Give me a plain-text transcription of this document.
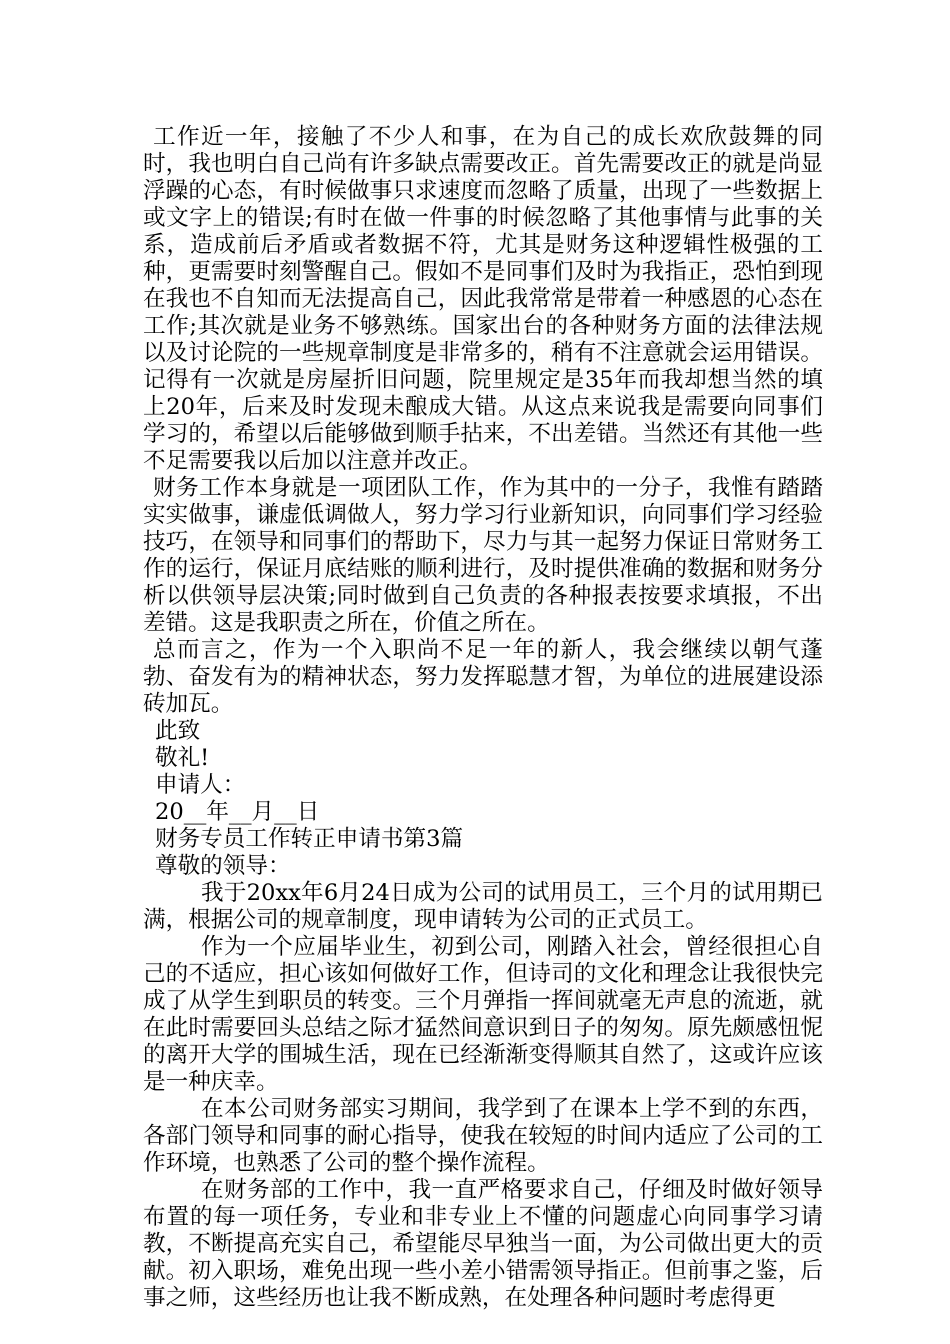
工作近一年，接触了不少人和事，在为自己的成长欢欣鼓舞的同时，我也明白自己尚有许多缺点需要改正。首先需要改正的就是尚显浮躁的心态，有时候做事只求速度而忽略了质量，出现了一些数据上或文字上的错误;有时在做一件事的时候忽略了其他事情与此事的关系，造成前后矛盾或者数据不符，尤其是财务这种逻辑性极强的工种，更需要时刻警醒自己。假如不是同事们及时为我指正，恐怕到现在我也不自知而无法提高自己，因此我常常是带着一种感恩的心态在工作;其次就是业务不够熟练。国家出台的各种财务方面的法律法规以及讨论院的一些规章制度是非常多的，稍有不注意就会运用错误。记得有一次就是房屋折旧问题，院里规定是35年而我却想当然的填上20年，后来及时发现未酿成大错。从这点来说我是需要向同事们学习的，希望以后能够做到顺手拈来，不出差错。当然还有其他一些不足需要我以后加以注意并改正。

财务工作本身就是一项团队工作，作为其中的一分子，我惟有踏踏实实做事，谦虚低调做人，努力学习行业新知识，向同事们学习经验技巧，在领导和同事们的帮助下，尽力与其一起努力保证日常财务工作的运行，保证月底结账的顺利进行，及时提供准确的数据和财务分析以供领导层决策;同时做到自己负责的各种报表按要求填报，不出差错。这是我职责之所在，价值之所在。

总而言之，作为一个入职尚不足一年的新人，我会继续以朝气蓬勃、奋发有为的精神状态，努力发挥聪慧才智，为单位的进展建设添砖加瓦。

此致

敬礼!

申请人：

20__年__月__日

财务专员工作转正申请书第3篇

尊敬的领导：

我于20xx年6月24日成为公司的试用员工，三个月的试用期已满，根据公司的规章制度，现申请转为公司的正式员工。

作为一个应届毕业生，初到公司，刚踏入社会，曾经很担心自己的不适应，担心该如何做好工作，但诗司的文化和理念让我很快完成了从学生到职员的转变。三个月弹指一挥间就毫无声息的流逝，就在此时需要回头总结之际才猛然间意识到日子的匆匆。原先颇感忸怩的离开大学的围城生活，现在已经渐渐变得顺其自然了，这或许应该是一种庆幸。

在本公司财务部实习期间，我学到了在课本上学不到的东西，各部门领导和同事的耐心指导，使我在较短的时间内适应了公司的工作环境，也熟悉了公司的整个操作流程。

在财务部的工作中，我一直严格要求自己，仔细及时做好领导布置的每一项任务，专业和非专业上不懂的问题虚心向同事学习请教，不断提高充实自己，希望能尽早独当一面，为公司做出更大的贡献。初入职场，难免出现一些小差小错需领导指正。但前事之鉴，后事之师，这些经历也让我不断成熟，在处理各种问题时考虑得更
